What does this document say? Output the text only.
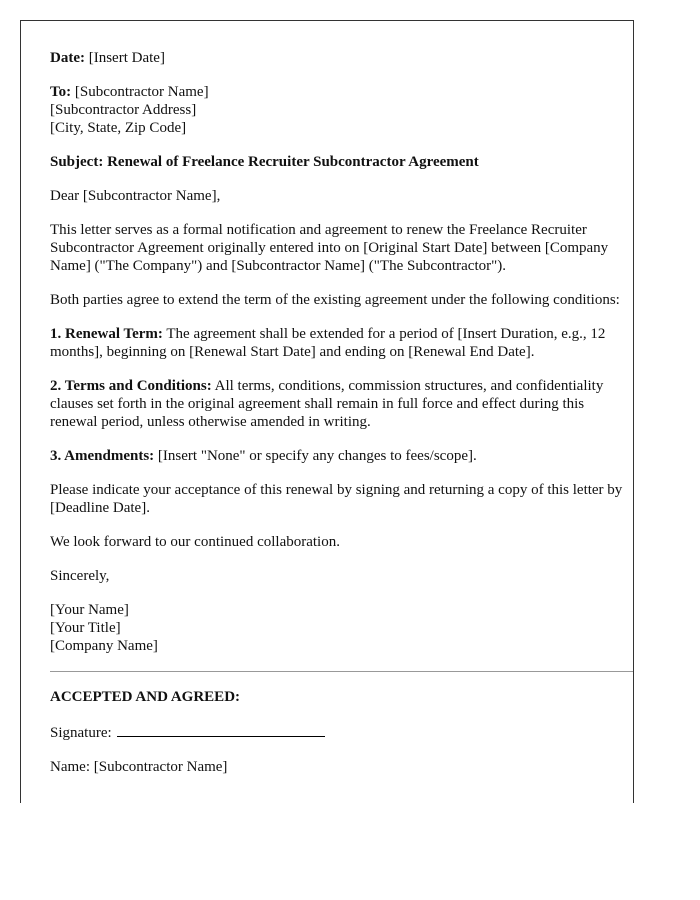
Date: [Insert Date]

To: [Subcontractor Name]
[Subcontractor Address]
[City, State, Zip Code]

Subject: Renewal of Freelance Recruiter Subcontractor Agreement

Dear [Subcontractor Name],

This letter serves as a formal notification and agreement to renew the Freelance Recruiter Subcontractor Agreement originally entered into on [Original Start Date] between [Company Name] ("The Company") and [Subcontractor Name] ("The Subcontractor").

Both parties agree to extend the term of the existing agreement under the following conditions:

1. Renewal Term: The agreement shall be extended for a period of [Insert Duration, e.g., 12 months], beginning on [Renewal Start Date] and ending on [Renewal End Date].

2. Terms and Conditions: All terms, conditions, commission structures, and confidentiality clauses set forth in the original agreement shall remain in full force and effect during this renewal period, unless otherwise amended in writing.

3. Amendments: [Insert "None" or specify any changes to fees/scope].

Please indicate your acceptance of this renewal by signing and returning a copy of this letter by [Deadline Date].

We look forward to our continued collaboration.

Sincerely,

[Your Name]
[Your Title]
[Company Name]

ACCEPTED AND AGREED:

Signature:

Name: [Subcontractor Name]
